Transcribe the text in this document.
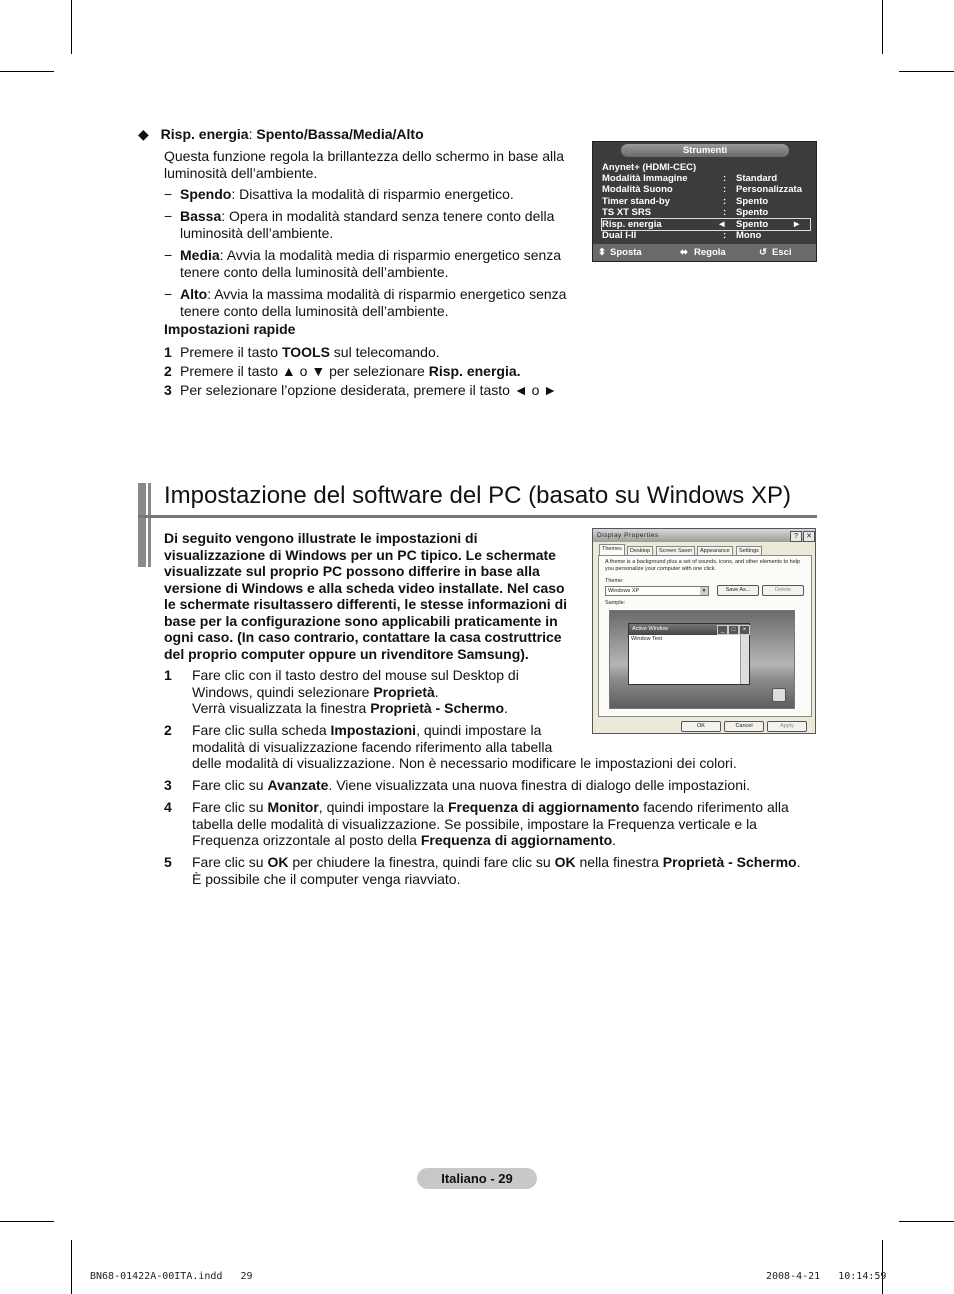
◆ Risp. energia: Spento/Bassa/Media/Alto
Questa funzione regola la brillantezza dello schermo in base alla luminosità dell’ambiente.
− Spendo: Disattiva la modalità di risparmio energetico.
− Bassa: Opera in modalità standard senza tenere conto della luminosità dell’ambiente.
− Media: Avvia la modalità media di risparmio energetico senza tenere conto della luminosità dell’ambiente.
− Alto: Avvia la massima modalità di risparmio energetico senza tenere conto della luminosità dell’ambiente.
Impostazioni rapide
1 Premere il tasto TOOLS sul telecomando.
2 Premere il tasto ▲ o ▼ per selezionare Risp. energia.
3 Per selezionare l’opzione desiderata, premere il tasto ◄ o ►
Strumenti
Anynet+ (HDMI-CEC)
Modalità Immagine	: Standard
Modalità Suono	: Personalizzata
Timer stand-by	: Spento
TS XT SRS	: Spento
Risp. energia	◄ Spento	►
Dual I-II	: Mono
⬍ Sposta	⬌ Regola	↺ Esci
Impostazione del software del PC (basato su Windows XP)
Di seguito vengono illustrate le impostazioni di visualizzazione di Windows per un PC tipico. Le schermate visualizzate sul proprio PC possono differire in base alla versione di Windows e alla scheda video installate. Nel caso le schermate risultassero differenti, le stesse informazioni di base per la configurazione sono applicabili praticamente in ogni caso. (In caso contrario, contattare la casa costruttrice del proprio computer oppure un rivenditore Samsung).
1 Fare clic con il tasto destro del mouse sul Desktop di Windows, quindi selezionare Proprietà.
Verrà visualizzata la finestra Proprietà - Schermo.
2 Fare clic sulla scheda Impostazioni, quindi impostare la modalità di visualizzazione facendo riferimento alla tabella
delle modalità di visualizzazione. Non è necessario modificare le impostazioni dei colori.
3 Fare clic su Avanzate. Viene visualizzata una nuova finestra di dialogo delle impostazioni.
4 Fare clic su Monitor, quindi impostare la Frequenza di aggiornamento facendo riferimento alla tabella delle modalità di visualizzazione. Se possibile, impostare la Frequenza verticale e la Frequenza orizzontale al posto della Frequenza di aggiornamento.
5 Fare clic su OK per chiudere la finestra, quindi fare clic su OK nella finestra Proprietà - Schermo.
È possibile che il computer venga riavviato.
Display Properties	?	✕
Themes	Desktop	Screen Saver	Appearance	Settings
A theme is a background plus a set of sounds, icons, and other elements to help you personalize your computer with one click.
Theme:
Windows XP	▾	Save As...	Delete
Sample:
Active Window	_	□	×
Window Text
OK	Cancel	Apply
Italiano - 29
BN68-01422A-00ITA.indd   29	2008-4-21   10:14:59
